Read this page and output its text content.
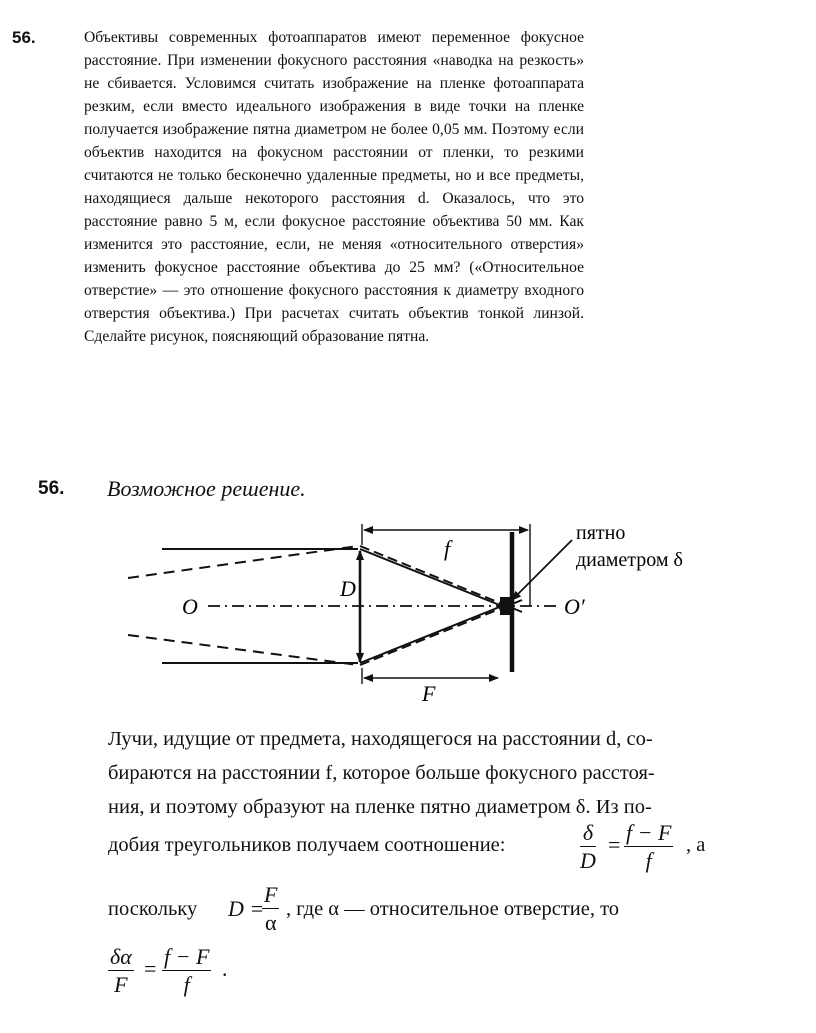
56.	Объективы современных фотоаппаратов имеют переменное фокусное расстояние. При изменении фокусного расстояния «наводка на резкость» не сбивается. Условимся считать изображение на пленке фотоаппарата резким, если вместо идеального изображения в виде точки на пленке получается изображение пятна диаметром не более 0,05 мм. Поэтому если объектив находится на фокусном расстоянии от пленки, то резкими считаются не только бесконечно удаленные предметы, но и все предметы, находящиеся дальше некоторого расстояния d. Оказалось, что это расстояние равно 5 м, если фокусное расстояние объектива 50 мм. Как изменится это расстояние, если, не меняя «относительного отверстия» изменить фокусное расстояние объектива до 25 мм? («Относительное отверстие» — это отношение фокусного расстояния к диаметру входного отверстия объектива.) При расчетах считать объектив тонкой линзой. Сделайте рисунок, поясняющий образование пятна.

56. Возможное решение.
f
F
D
O	O′
пятно
диаметром δ

Лучи, идущие от предмета, находящегося на расстоянии d, со-

бираются на расстоянии f, которое больше фокусного расстоя-

ния, и поэтому образуют на пленке пятно диаметром δ. Из по-

добия треугольников получаем соотношение:	$\frac{\delta}{D} = \frac{f - F}{f}$ , а
поскольку D =
$\frac{F}{\alpha}$ , где α — относительное отверстие, то
$\frac{\delta\alpha}{F} = \frac{f - F}{f}$ .
